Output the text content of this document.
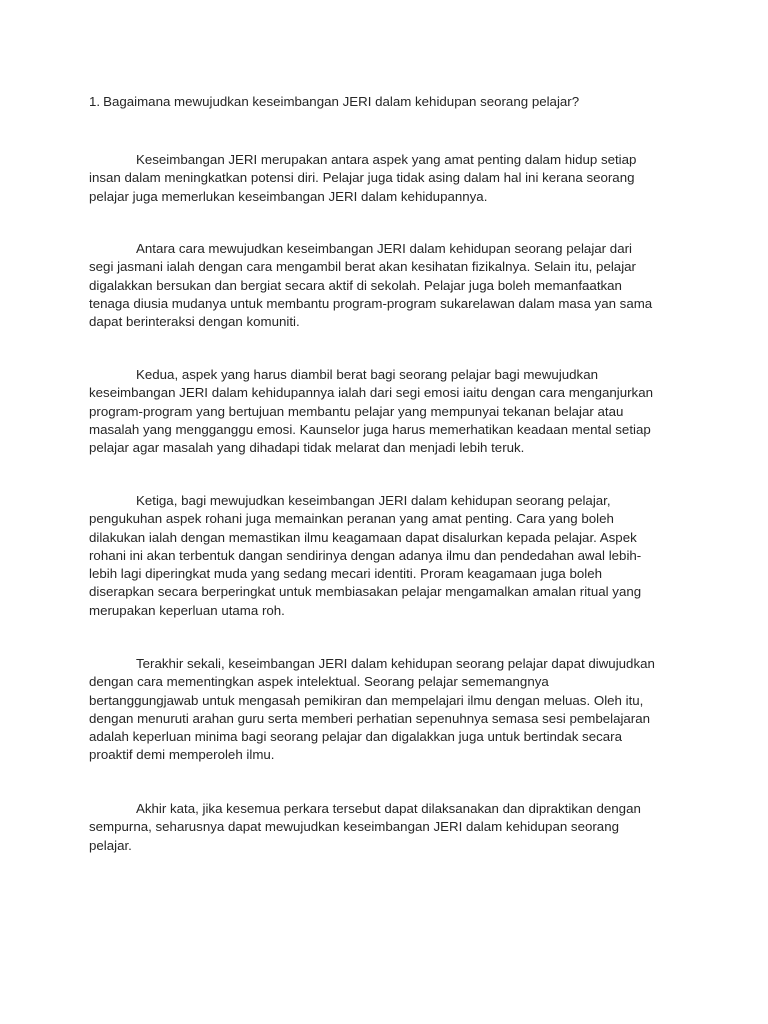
1. Bagaimana mewujudkan keseimbangan JERI dalam kehidupan seorang pelajar?

Keseimbangan JERI merupakan antara aspek yang amat penting dalam hidup setiap
insan dalam meningkatkan potensi diri. Pelajar juga tidak asing dalam hal ini kerana seorang
pelajar juga memerlukan keseimbangan JERI dalam kehidupannya.

Antara cara mewujudkan keseimbangan JERI dalam kehidupan seorang pelajar dari
segi jasmani ialah dengan cara mengambil berat akan kesihatan fizikalnya. Selain itu, pelajar
digalakkan bersukan dan bergiat secara aktif di sekolah. Pelajar juga boleh memanfaatkan
tenaga diusia mudanya untuk membantu program-program sukarelawan dalam masa yan sama
dapat berinteraksi dengan komuniti.

Kedua, aspek yang harus diambil berat bagi seorang pelajar bagi mewujudkan
keseimbangan JERI dalam kehidupannya ialah dari segi emosi iaitu dengan cara menganjurkan
program-program yang bertujuan membantu pelajar yang mempunyai tekanan belajar atau
masalah yang mengganggu emosi. Kaunselor juga harus memerhatikan keadaan mental setiap
pelajar agar masalah yang dihadapi tidak melarat dan menjadi lebih teruk.

Ketiga, bagi mewujudkan keseimbangan JERI dalam kehidupan seorang pelajar,
pengukuhan aspek rohani juga memainkan peranan yang amat penting. Cara yang boleh
dilakukan ialah dengan memastikan ilmu keagamaan dapat disalurkan kepada pelajar. Aspek
rohani ini akan terbentuk dangan sendirinya dengan adanya ilmu dan pendedahan awal lebih-
lebih lagi diperingkat muda yang sedang mecari identiti. Proram keagamaan juga boleh
diserapkan secara berperingkat untuk membiasakan pelajar mengamalkan amalan ritual yang
merupakan keperluan utama roh.

Terakhir sekali, keseimbangan JERI dalam kehidupan seorang pelajar dapat diwujudkan
dengan cara mementingkan aspek intelektual. Seorang pelajar sememangnya
bertanggungjawab untuk mengasah pemikiran dan mempelajari ilmu dengan meluas. Oleh itu,
dengan menuruti arahan guru serta memberi perhatian sepenuhnya semasa sesi pembelajaran
adalah keperluan minima bagi seorang pelajar dan digalakkan juga untuk bertindak secara
proaktif demi memperoleh ilmu.

Akhir kata, jika kesemua perkara tersebut dapat dilaksanakan dan dipraktikan dengan
sempurna, seharusnya dapat mewujudkan keseimbangan JERI dalam kehidupan seorang
pelajar.
